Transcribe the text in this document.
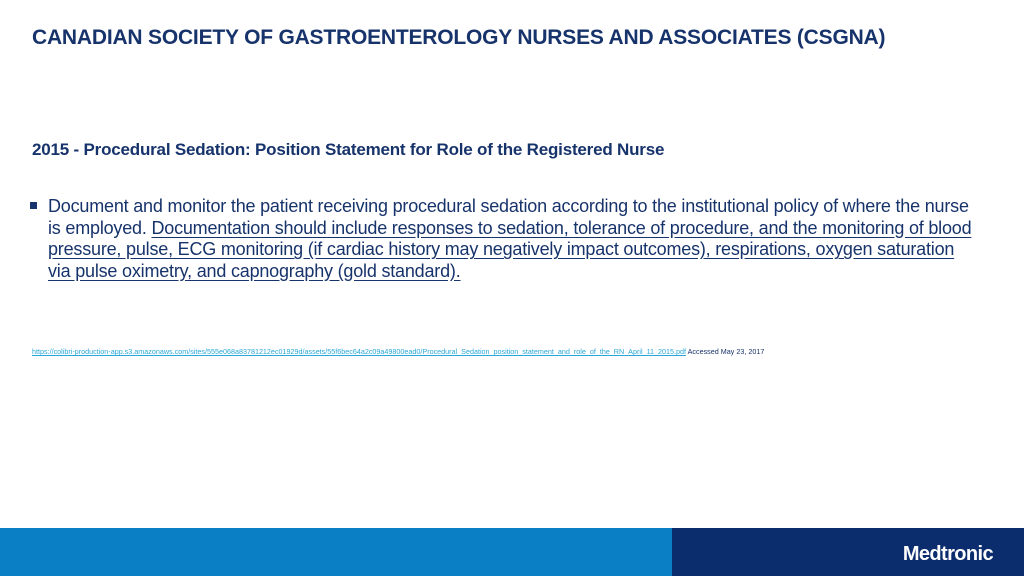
CANADIAN SOCIETY OF GASTROENTEROLOGY NURSES AND ASSOCIATES (CSGNA)
2015 - Procedural Sedation: Position Statement for Role of the Registered Nurse
Document and monitor the patient receiving procedural sedation according to the institutional policy of where the nurse is employed. Documentation should include responses to sedation, tolerance of procedure, and the monitoring of blood pressure, pulse, ECG monitoring (if cardiac history may negatively impact outcomes), respirations, oxygen saturation via pulse oximetry, and capnography (gold standard).
https://colibri-production-app.s3.amazonaws.com/sites/555e068a83781212ec01929d/assets/55f6bec64a2c09a49800ead0/Procedural_Sedation_position_statement_and_role_of_the_RN_April_11_2015.pdf Accessed May 23, 2017
Medtronic
